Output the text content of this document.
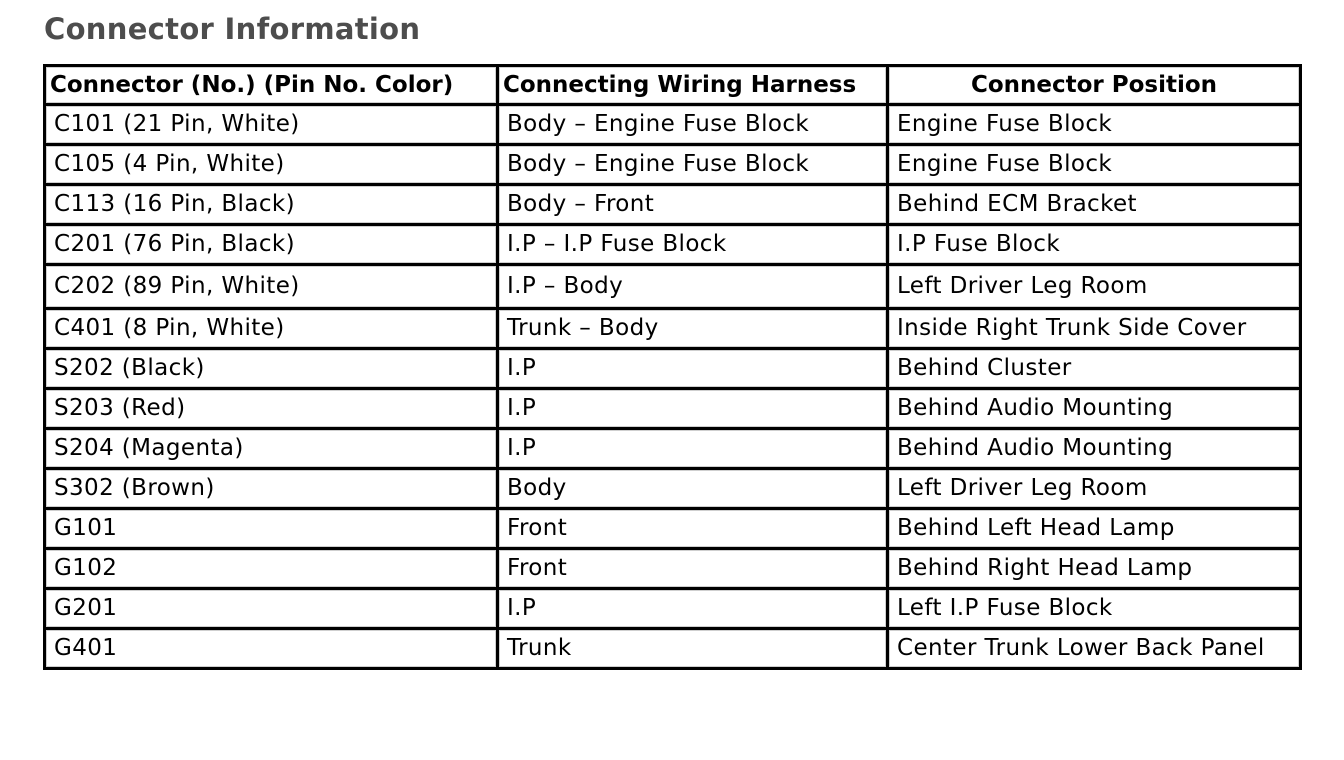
Connector Information
Connector (No.) (Pin No. Color)	Connecting Wiring Harness	Connector Position
C101 (21 Pin, White)	Body – Engine Fuse Block	Engine Fuse Block
C105 (4 Pin, White)	Body – Engine Fuse Block	Engine Fuse Block
C113 (16 Pin, Black)	Body – Front	Behind ECM Bracket
C201 (76 Pin, Black)	I.P – I.P Fuse Block	I.P Fuse Block
C202 (89 Pin, White)	I.P – Body	Left Driver Leg Room
C401 (8 Pin, White)	Trunk – Body	Inside Right Trunk Side Cover
S202 (Black)	I.P	Behind Cluster
S203 (Red)	I.P	Behind Audio Mounting
S204 (Magenta)	I.P	Behind Audio Mounting
S302 (Brown)	Body	Left Driver Leg Room
G101	Front	Behind Left Head Lamp
G102	Front	Behind Right Head Lamp
G201	I.P	Left I.P Fuse Block
G401	Trunk	Center Trunk Lower Back Panel
